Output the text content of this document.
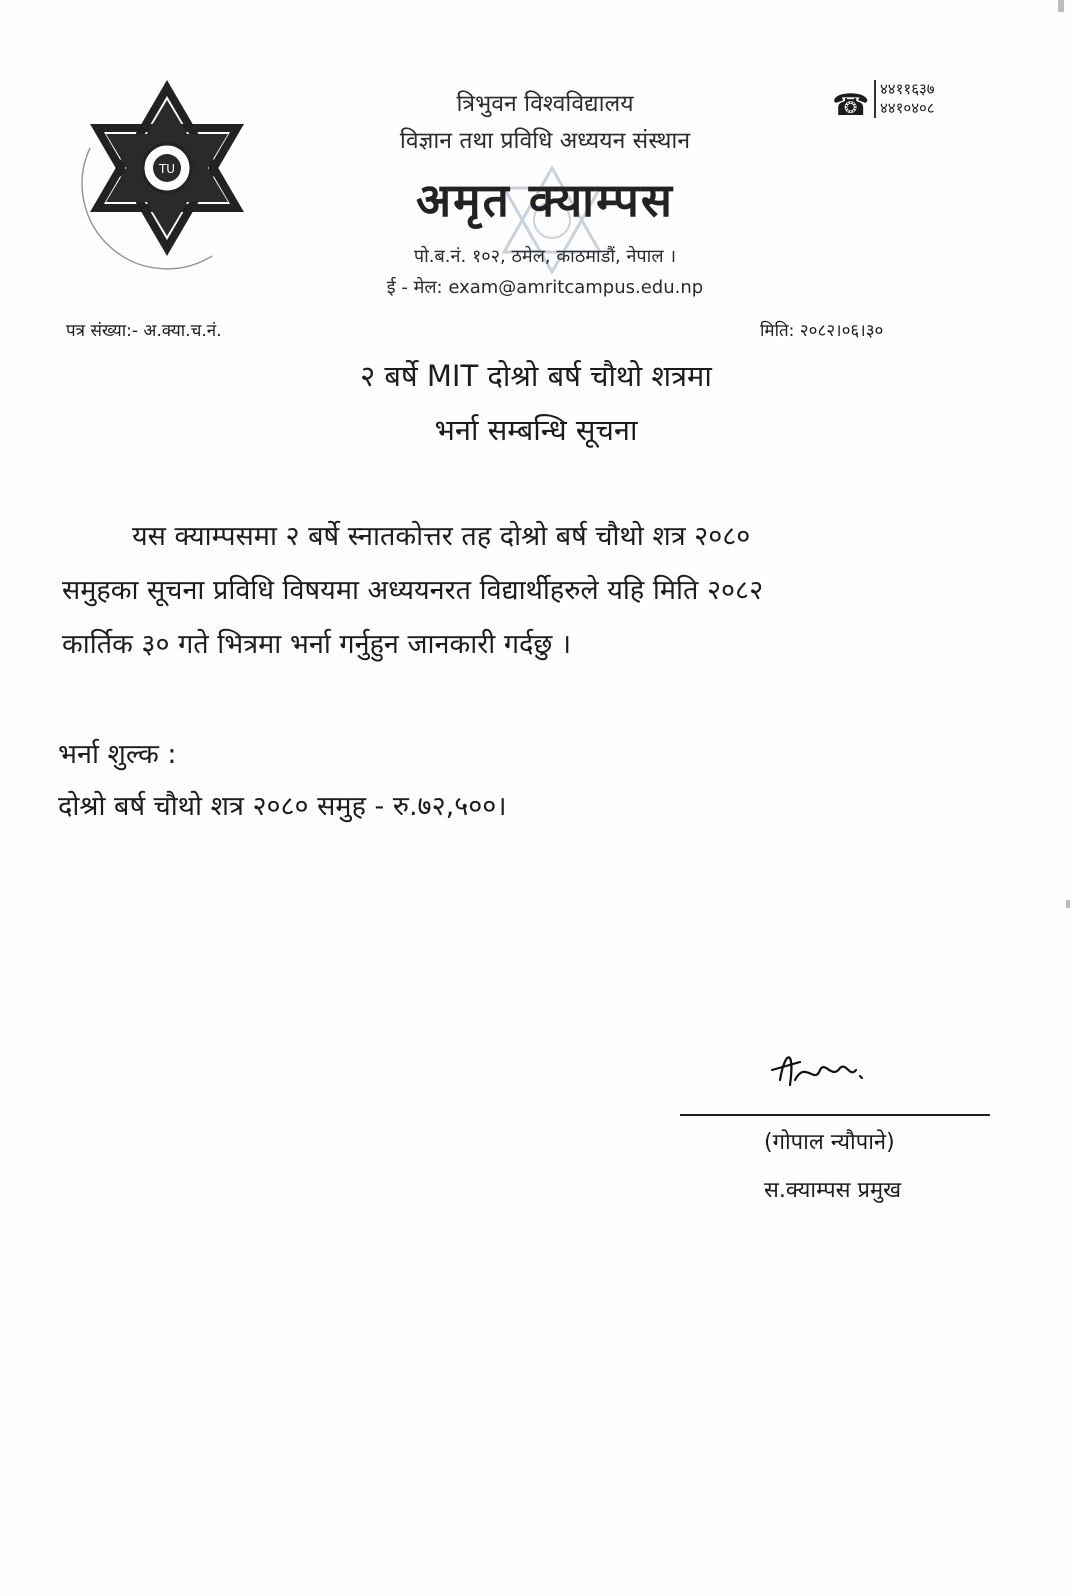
TU
त्रिभुवन विश्वविद्यालय
विज्ञान तथा प्रविधि अध्ययन संस्थान
अमृत क्याम्पस
पो.ब.नं. १०२, ठमेल, काठमाडौं, नेपाल ।
ई - मेल: exam@amritcampus.edu.np
☎ ४४११६३७
४४१०४०८
पत्र संख्या:- अ.क्या.च.नं.	मिति: २०८२।०६।३०
२ बर्षे MIT दोश्रो बर्ष चौथो शत्रमा
भर्ना सम्बन्धि सूचना
यस क्याम्पसमा २ बर्षे स्नातकोत्तर तह दोश्रो बर्ष चौथो शत्र २०८०
समुहका सूचना प्रविधि विषयमा अध्ययनरत विद्यार्थीहरुले यहि मिति २०८२
कार्तिक ३० गते भित्रमा भर्ना गर्नुहुन जानकारी गर्दछु ।
भर्ना शुल्क :
दोश्रो बर्ष चौथो शत्र २०८० समुह - रु.७२,५००।
(गोपाल न्यौपाने)
स.क्याम्पस प्रमुख
